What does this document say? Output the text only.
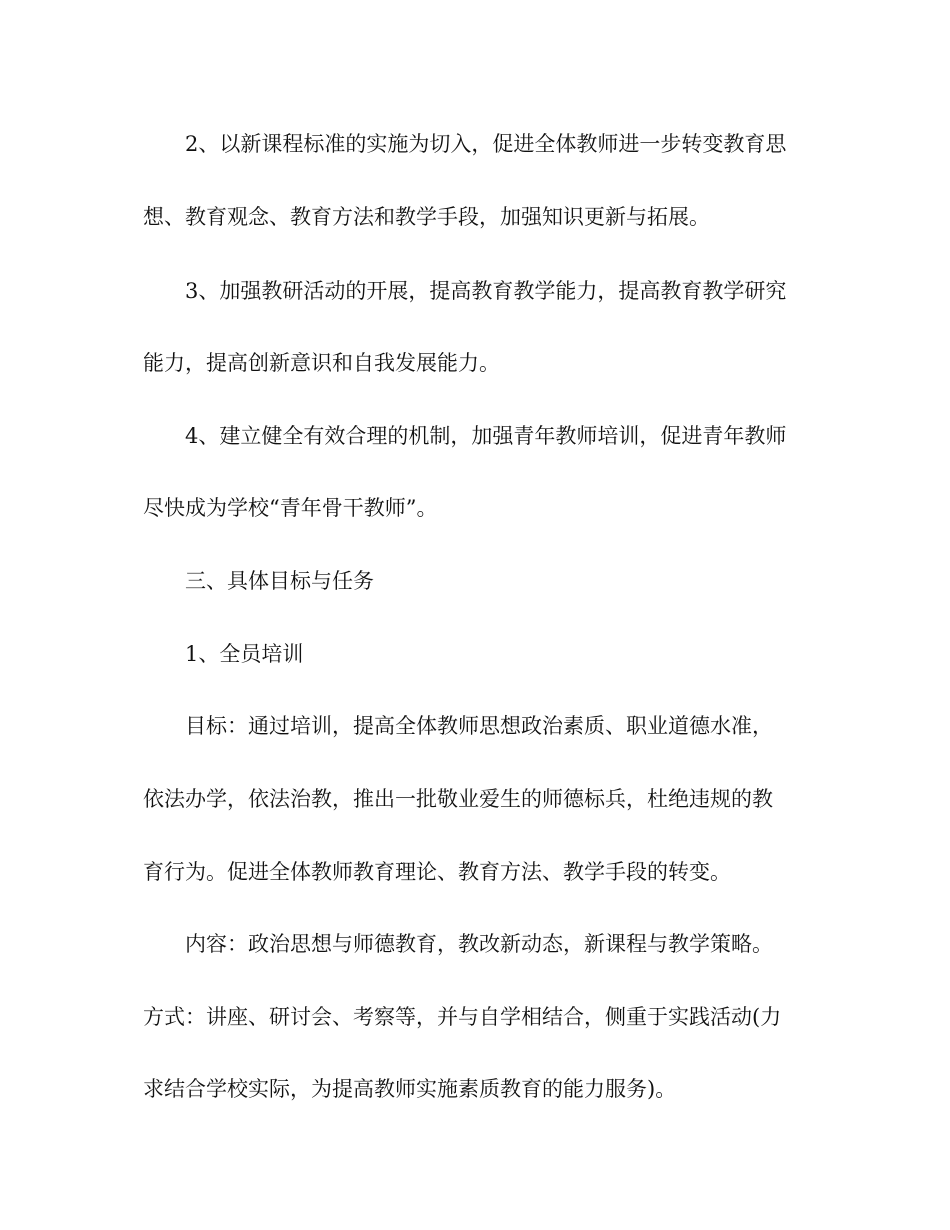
2、以新课程标准的实施为切入，促进全体教师进一步转变教育思

想、教育观念、教育方法和教学手段，加强知识更新与拓展。

3、加强教研活动的开展，提高教育教学能力，提高教育教学研究

能力，提高创新意识和自我发展能力。

4、建立健全有效合理的机制，加强青年教师培训，促进青年教师

尽快成为学校“青年骨干教师”。

三、具体目标与任务

1、全员培训

目标：通过培训，提高全体教师思想政治素质、职业道德水准，

依法办学，依法治教，推出一批敬业爱生的师德标兵，杜绝违规的教

育行为。促进全体教师教育理论、教育方法、教学手段的转变。

内容：政治思想与师德教育，教改新动态，新课程与教学策略。

方式：讲座、研讨会、考察等，并与自学相结合，侧重于实践活动(力

求结合学校实际，为提高教师实施素质教育的能力服务)。
